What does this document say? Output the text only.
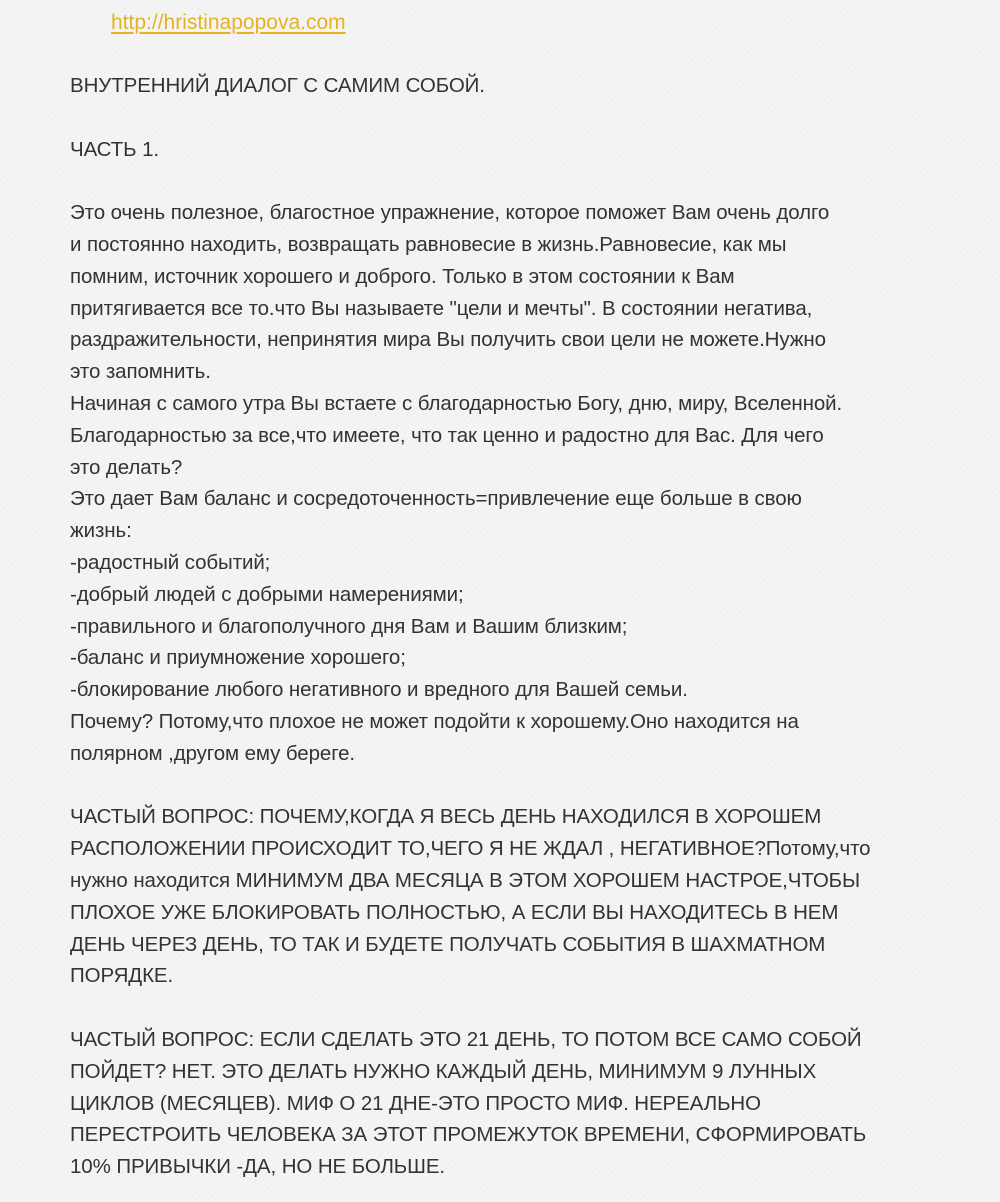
http://hristinapopova.com
ВНУТРЕННИЙ ДИАЛОГ С САМИМ СОБОЙ.
ЧАСТЬ 1.
Это очень полезное, благостное упражнение, которое поможет Вам очень долго
и постоянно находить, возвращать равновесие в жизнь.Равновесие, как мы
помним, источник хорошего и доброго. Только в этом состоянии к Вам
притягивается все то.что Вы называете "цели и мечты". В состоянии негатива,
раздражительности, непринятия мира Вы получить свои цели не можете.Нужно
это запомнить.
Начиная с самого утра Вы встаете с благодарностью Богу, дню, миру, Вселенной.
Благодарностью за все,что имеете, что так ценно и радостно для Вас. Для чего
это делать?
Это дает Вам баланс и сосредоточенность=привлечение еще больше в свою
жизнь:
-радостный событий;
-добрый людей с добрыми намерениями;
-правильного и благополучного дня Вам и Вашим близким;
-баланс и приумножение хорошего;
-блокирование любого негативного и вредного для Вашей семьи.
Почему? Потому,что плохое не может подойти к хорошему.Оно находится на
полярном ,другом ему береге.
ЧАСТЫЙ ВОПРОС: ПОЧЕМУ,КОГДА Я ВЕСЬ ДЕНЬ НАХОДИЛСЯ В ХОРОШЕМ
РАСПОЛОЖЕНИИ ПРОИСХОДИТ ТО,ЧЕГО Я НЕ ЖДАЛ , НЕГАТИВНОЕ?Потому,что
нужно находится МИНИМУМ ДВА МЕСЯЦА В ЭТОМ ХОРОШЕМ НАСТРОЕ,ЧТОБЫ
ПЛОХОЕ УЖЕ БЛОКИРОВАТЬ ПОЛНОСТЬЮ, А ЕСЛИ ВЫ НАХОДИТЕСЬ В НЕМ
ДЕНЬ ЧЕРЕЗ ДЕНЬ, ТО ТАК И БУДЕТЕ ПОЛУЧАТЬ СОБЫТИЯ В ШАХМАТНОМ
ПОРЯДКЕ.
ЧАСТЫЙ ВОПРОС: ЕСЛИ СДЕЛАТЬ ЭТО 21 ДЕНЬ, ТО ПОТОМ ВСЕ САМО СОБОЙ
ПОЙДЕТ? НЕТ. ЭТО ДЕЛАТЬ НУЖНО КАЖДЫЙ ДЕНЬ, МИНИМУМ 9 ЛУННЫХ
ЦИКЛОВ (МЕСЯЦЕВ). МИФ О 21 ДНЕ-ЭТО ПРОСТО МИФ. НЕРЕАЛЬНО
ПЕРЕСТРОИТЬ ЧЕЛОВЕКА ЗА ЭТОТ ПРОМЕЖУТОК ВРЕМЕНИ, СФОРМИРОВАТЬ
10% ПРИВЫЧКИ -ДА, НО НЕ БОЛЬШЕ.
